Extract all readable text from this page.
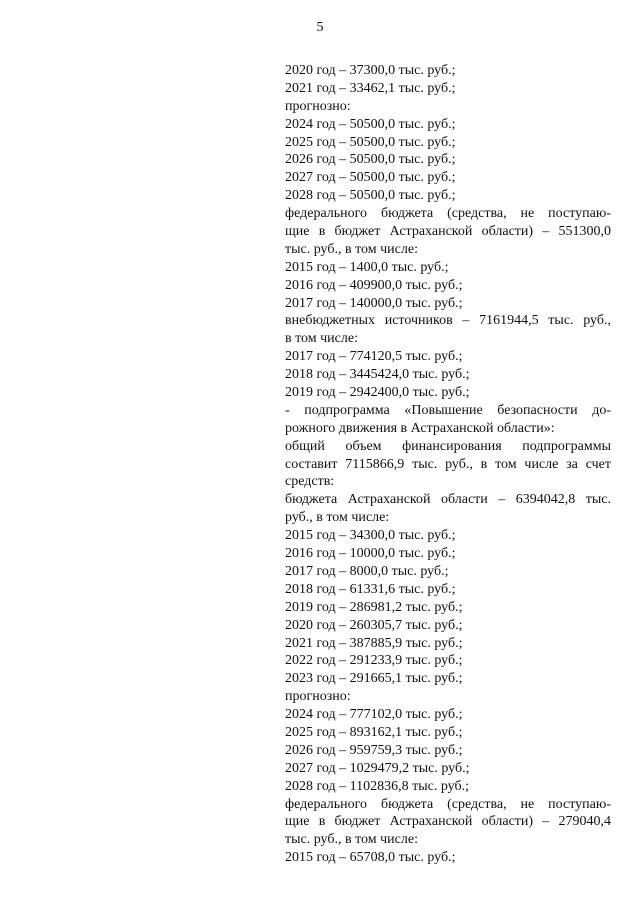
5
2020 год – 37300,0 тыс. руб.;
2021 год – 33462,1 тыс. руб.;
прогнозно:
2024 год – 50500,0 тыс. руб.;
2025 год – 50500,0 тыс. руб.;
2026 год – 50500,0 тыс. руб.;
2027 год – 50500,0 тыс. руб.;
2028 год – 50500,0 тыс. руб.;
федерального бюджета (средства, не поступаю-
щие в бюджет Астраханской области) – 551300,0
тыс. руб., в том числе:
2015 год – 1400,0 тыс. руб.;
2016 год – 409900,0 тыс. руб.;
2017 год – 140000,0 тыс. руб.;
внебюджетных источников – 7161944,5 тыс. руб.,
в том числе:
2017 год – 774120,5 тыс. руб.;
2018 год – 3445424,0 тыс. руб.;
2019 год – 2942400,0 тыс. руб.;
- подпрограмма «Повышение безопасности до-
рожного движения в Астраханской области»:
общий объем финансирования подпрограммы
составит 7115866,9 тыс. руб., в том числе за счет
средств:
бюджета Астраханской области – 6394042,8 тыс.
руб., в том числе:
2015 год – 34300,0 тыс. руб.;
2016 год – 10000,0 тыс. руб.;
2017 год – 8000,0 тыс. руб.;
2018 год – 61331,6 тыс. руб.;
2019 год – 286981,2 тыс. руб.;
2020 год – 260305,7 тыс. руб.;
2021 год – 387885,9 тыс. руб.;
2022 год – 291233,9 тыс. руб.;
2023 год – 291665,1 тыс. руб.;
прогнозно:
2024 год – 777102,0 тыс. руб.;
2025 год – 893162,1 тыс. руб.;
2026 год – 959759,3 тыс. руб.;
2027 год – 1029479,2 тыс. руб.;
2028 год – 1102836,8 тыс. руб.;
федерального бюджета (средства, не поступаю-
щие в бюджет Астраханской области) – 279040,4
тыс. руб., в том числе:
2015 год – 65708,0 тыс. руб.;
